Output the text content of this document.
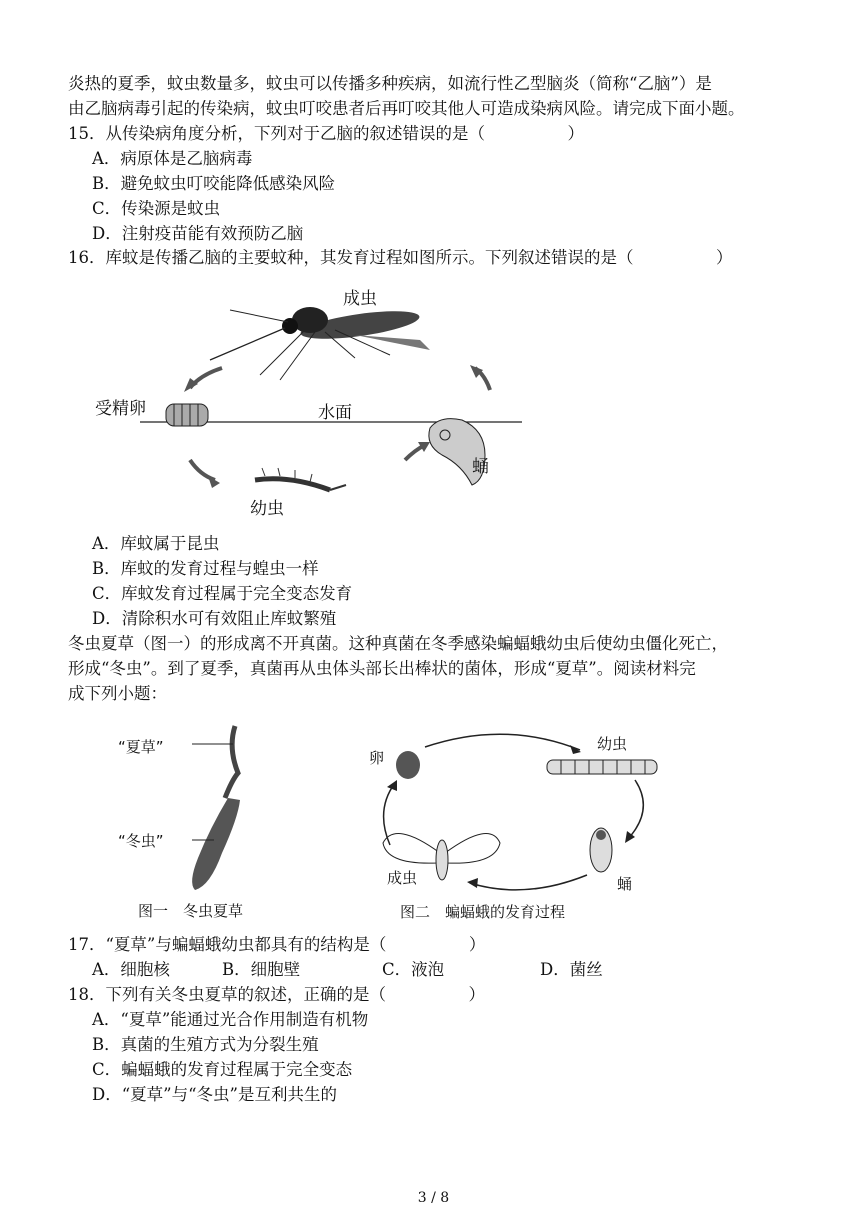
炎热的夏季，蚊虫数量多，蚊虫可以传播多种疾病，如流行性乙型脑炎（简称“乙脑”）是
由乙脑病毒引起的传染病，蚊虫叮咬患者后再叮咬其他人可造成染病风险。请完成下面小题。
15．从传染病角度分析，下列对于乙脑的叙述错误的是（　　　　　）
A．病原体是乙脑病毒
B．避免蚊虫叮咬能降低感染风险
C．传染源是蚊虫
D．注射疫苗能有效预防乙脑
16．库蚊是传播乙脑的主要蚊种，其发育过程如图所示。下列叙述错误的是（　　　　　）
成虫
受精卵	水面
蛹
幼虫
A．库蚊属于昆虫
B．库蚊的发育过程与蝗虫一样
C．库蚊发育过程属于完全变态发育
D．清除积水可有效阻止库蚊繁殖
冬虫夏草（图一）的形成离不开真菌。这种真菌在冬季感染蝙蝠蛾幼虫后使幼虫僵化死亡，
形成“冬虫”。到了夏季，真菌再从虫体头部长出棒状的菌体，形成“夏草”。阅读材料完
成下列小题：
“夏草”
“冬虫”
图一　冬虫夏草
卵
幼虫
蛹
成虫
图二　蝙蝠蛾的发育过程
17．“夏草”与蝙蝠蛾幼虫都具有的结构是（　　　　　）
A．细胞核	B．细胞壁	C．液泡	D．菌丝
18．下列有关冬虫夏草的叙述，正确的是（　　　　　）
A．“夏草”能通过光合作用制造有机物
B．真菌的生殖方式为分裂生殖
C．蝙蝠蛾的发育过程属于完全变态
D．“夏草”与“冬虫”是互利共生的
3 / 8
